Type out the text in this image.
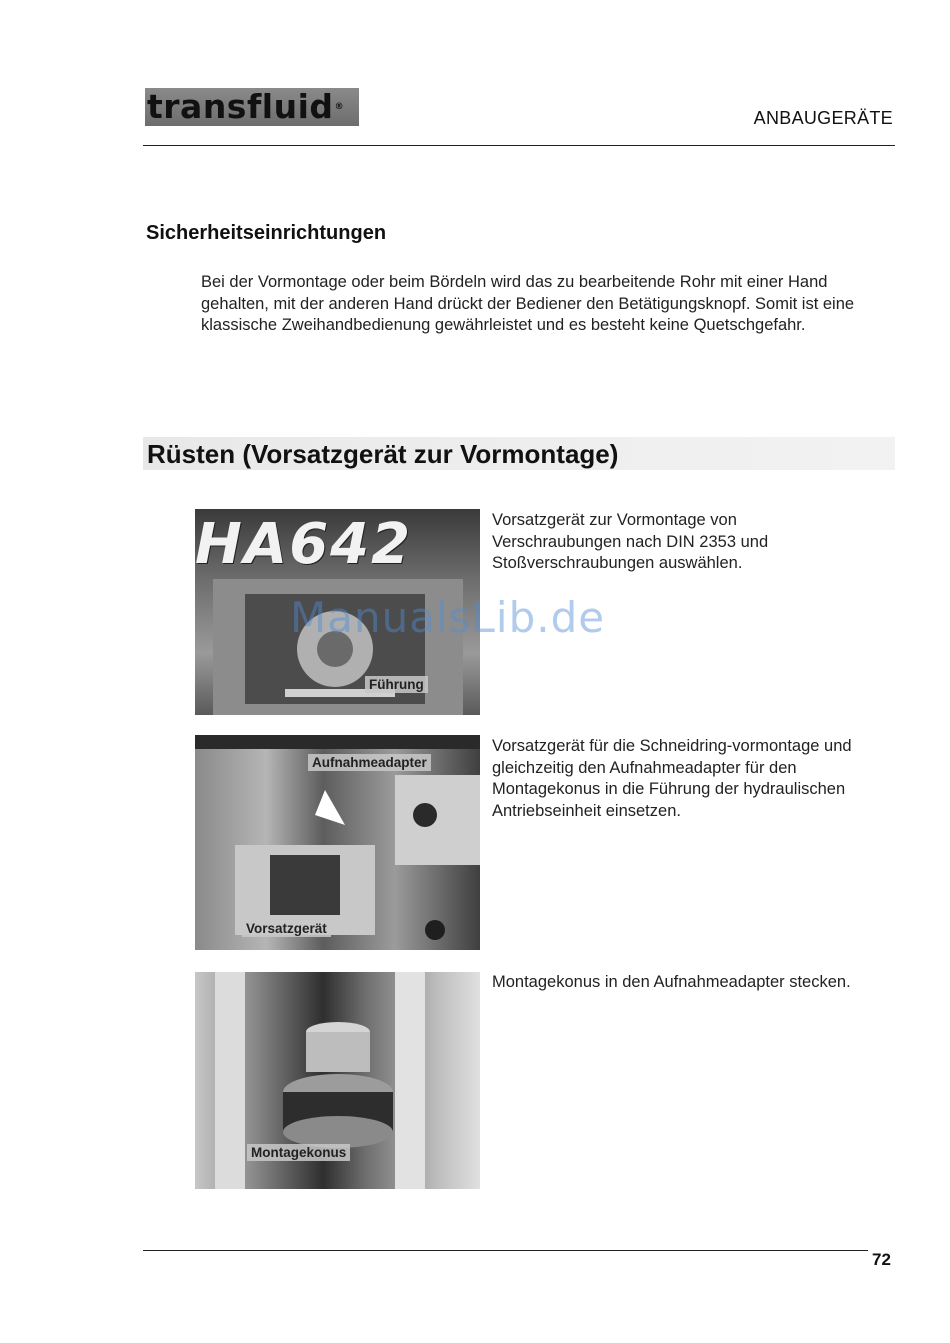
transfluid®
ANBAUGERÄTE
Sicherheitseinrichtungen

Bei der Vormontage oder beim Bördeln wird das zu bearbeitende Rohr mit einer Hand gehalten, mit der anderen Hand drückt der Bediener den Betätigungsknopf. Somit ist eine klassische Zweihandbedienung gewährleistet und es besteht keine Quetschgefahr.

Rüsten (Vorsatzgerät zur Vormontage)
HA642
Führung

Vorsatzgerät zur Vormontage von Verschraubungen nach DIN 2353 und Stoßverschraubungen auswählen.

Aufnahmeadapter
Vorsatzgerät

Vorsatzgerät für die Schneidring-vormontage und gleichzeitig den Aufnahmeadapter für den Montagekonus in die Führung der hydraulischen Antriebseinheit einsetzen.

Montagekonus

Montagekonus in den Aufnahmeadapter stecken.

ManualsLib.de
72
